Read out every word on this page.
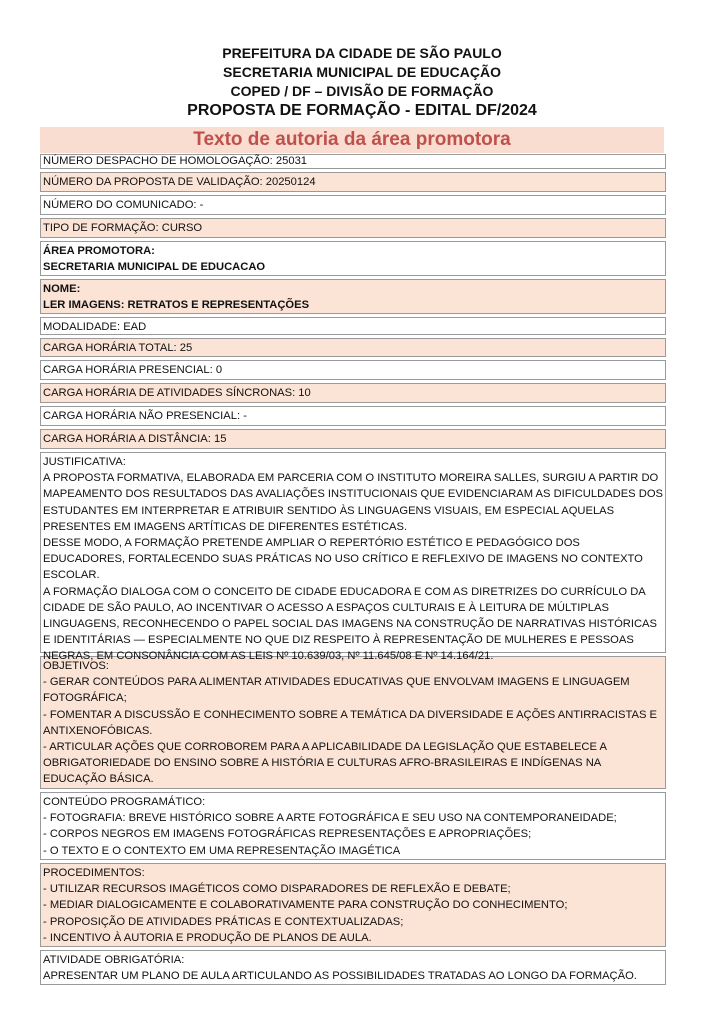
PREFEITURA DA CIDADE DE SÃO PAULO
SECRETARIA MUNICIPAL DE EDUCAÇÃO
COPED / DF – DIVISÃO DE FORMAÇÃO
PROPOSTA DE FORMAÇÃO - EDITAL DF/2024
Texto de autoria da área promotora
NÚMERO DESPACHO DE HOMOLOGAÇÃO: 25031
NÚMERO DA PROPOSTA DE VALIDAÇÃO: 20250124
NÚMERO DO COMUNICADO: -
TIPO DE FORMAÇÃO: CURSO
ÁREA PROMOTORA:
SECRETARIA MUNICIPAL DE EDUCACAO
NOME:
LER IMAGENS: RETRATOS E REPRESENTAÇÕES
MODALIDADE: EAD
CARGA HORÁRIA TOTAL: 25
CARGA HORÁRIA PRESENCIAL: 0
CARGA HORÁRIA DE ATIVIDADES SÍNCRONAS: 10
CARGA HORÁRIA NÃO PRESENCIAL: -
CARGA HORÁRIA A DISTÂNCIA: 15
JUSTIFICATIVA:
A PROPOSTA FORMATIVA, ELABORADA EM PARCERIA COM O INSTITUTO MOREIRA SALLES, SURGIU A PARTIR DO MAPEAMENTO DOS RESULTADOS DAS AVALIAÇÕES INSTITUCIONAIS QUE EVIDENCIARAM AS DIFICULDADES DOS ESTUDANTES EM INTERPRETAR E ATRIBUIR SENTIDO ÀS LINGUAGENS VISUAIS, EM ESPECIAL AQUELAS PRESENTES EM IMAGENS ARTÍTICAS DE DIFERENTES ESTÉTICAS.
DESSE MODO, A FORMAÇÃO PRETENDE AMPLIAR O REPERTÓRIO ESTÉTICO E PEDAGÓGICO DOS EDUCADORES, FORTALECENDO SUAS PRÁTICAS NO USO CRÍTICO E REFLEXIVO DE IMAGENS NO CONTEXTO ESCOLAR.
A FORMAÇÃO DIALOGA COM O CONCEITO DE CIDADE EDUCADORA E COM AS DIRETRIZES DO CURRÍCULO DA CIDADE DE SÃO PAULO, AO INCENTIVAR O ACESSO A ESPAÇOS CULTURAIS E À LEITURA DE MÚLTIPLAS LINGUAGENS, RECONHECENDO O PAPEL SOCIAL DAS IMAGENS NA CONSTRUÇÃO DE NARRATIVAS HISTÓRICAS E IDENTITÁRIAS — ESPECIALMENTE NO QUE DIZ RESPEITO À REPRESENTAÇÃO DE MULHERES E PESSOAS NEGRAS, EM CONSONÂNCIA COM AS LEIS Nº 10.639/03, Nº 11.645/08 E Nº 14.164/21.
OBJETIVOS:
- GERAR CONTEÚDOS PARA ALIMENTAR ATIVIDADES EDUCATIVAS QUE ENVOLVAM IMAGENS E LINGUAGEM FOTOGRÁFICA;
- FOMENTAR A DISCUSSÃO E CONHECIMENTO SOBRE A TEMÁTICA DA DIVERSIDADE E AÇÕES ANTIRRACISTAS E ANTIXENOFÓBICAS.
- ARTICULAR AÇÕES QUE CORROBOREM PARA A APLICABILIDADE DA LEGISLAÇÃO QUE ESTABELECE A OBRIGATORIEDADE DO ENSINO SOBRE A HISTÓRIA E CULTURAS AFRO-BRASILEIRAS E INDÍGENAS NA EDUCAÇÃO BÁSICA.
CONTEÚDO PROGRAMÁTICO:
- FOTOGRAFIA: BREVE HISTÓRICO SOBRE A ARTE FOTOGRÁFICA E SEU USO NA CONTEMPORANEIDADE;
- CORPOS NEGROS EM IMAGENS FOTOGRÁFICAS REPRESENTAÇÕES E APROPRIAÇÕES;
- O TEXTO E O CONTEXTO EM UMA REPRESENTAÇÃO IMAGÉTICA
PROCEDIMENTOS:
- UTILIZAR RECURSOS IMAGÉTICOS COMO DISPARADORES DE REFLEXÃO E DEBATE;
- MEDIAR DIALOGICAMENTE E COLABORATIVAMENTE PARA CONSTRUÇÃO DO CONHECIMENTO;
- PROPOSIÇÃO DE ATIVIDADES PRÁTICAS E CONTEXTUALIZADAS;
- INCENTIVO À AUTORIA E PRODUÇÃO DE PLANOS DE AULA.
ATIVIDADE OBRIGATÓRIA:
APRESENTAR UM PLANO DE AULA ARTICULANDO AS POSSIBILIDADES TRATADAS AO LONGO DA FORMAÇÃO.
